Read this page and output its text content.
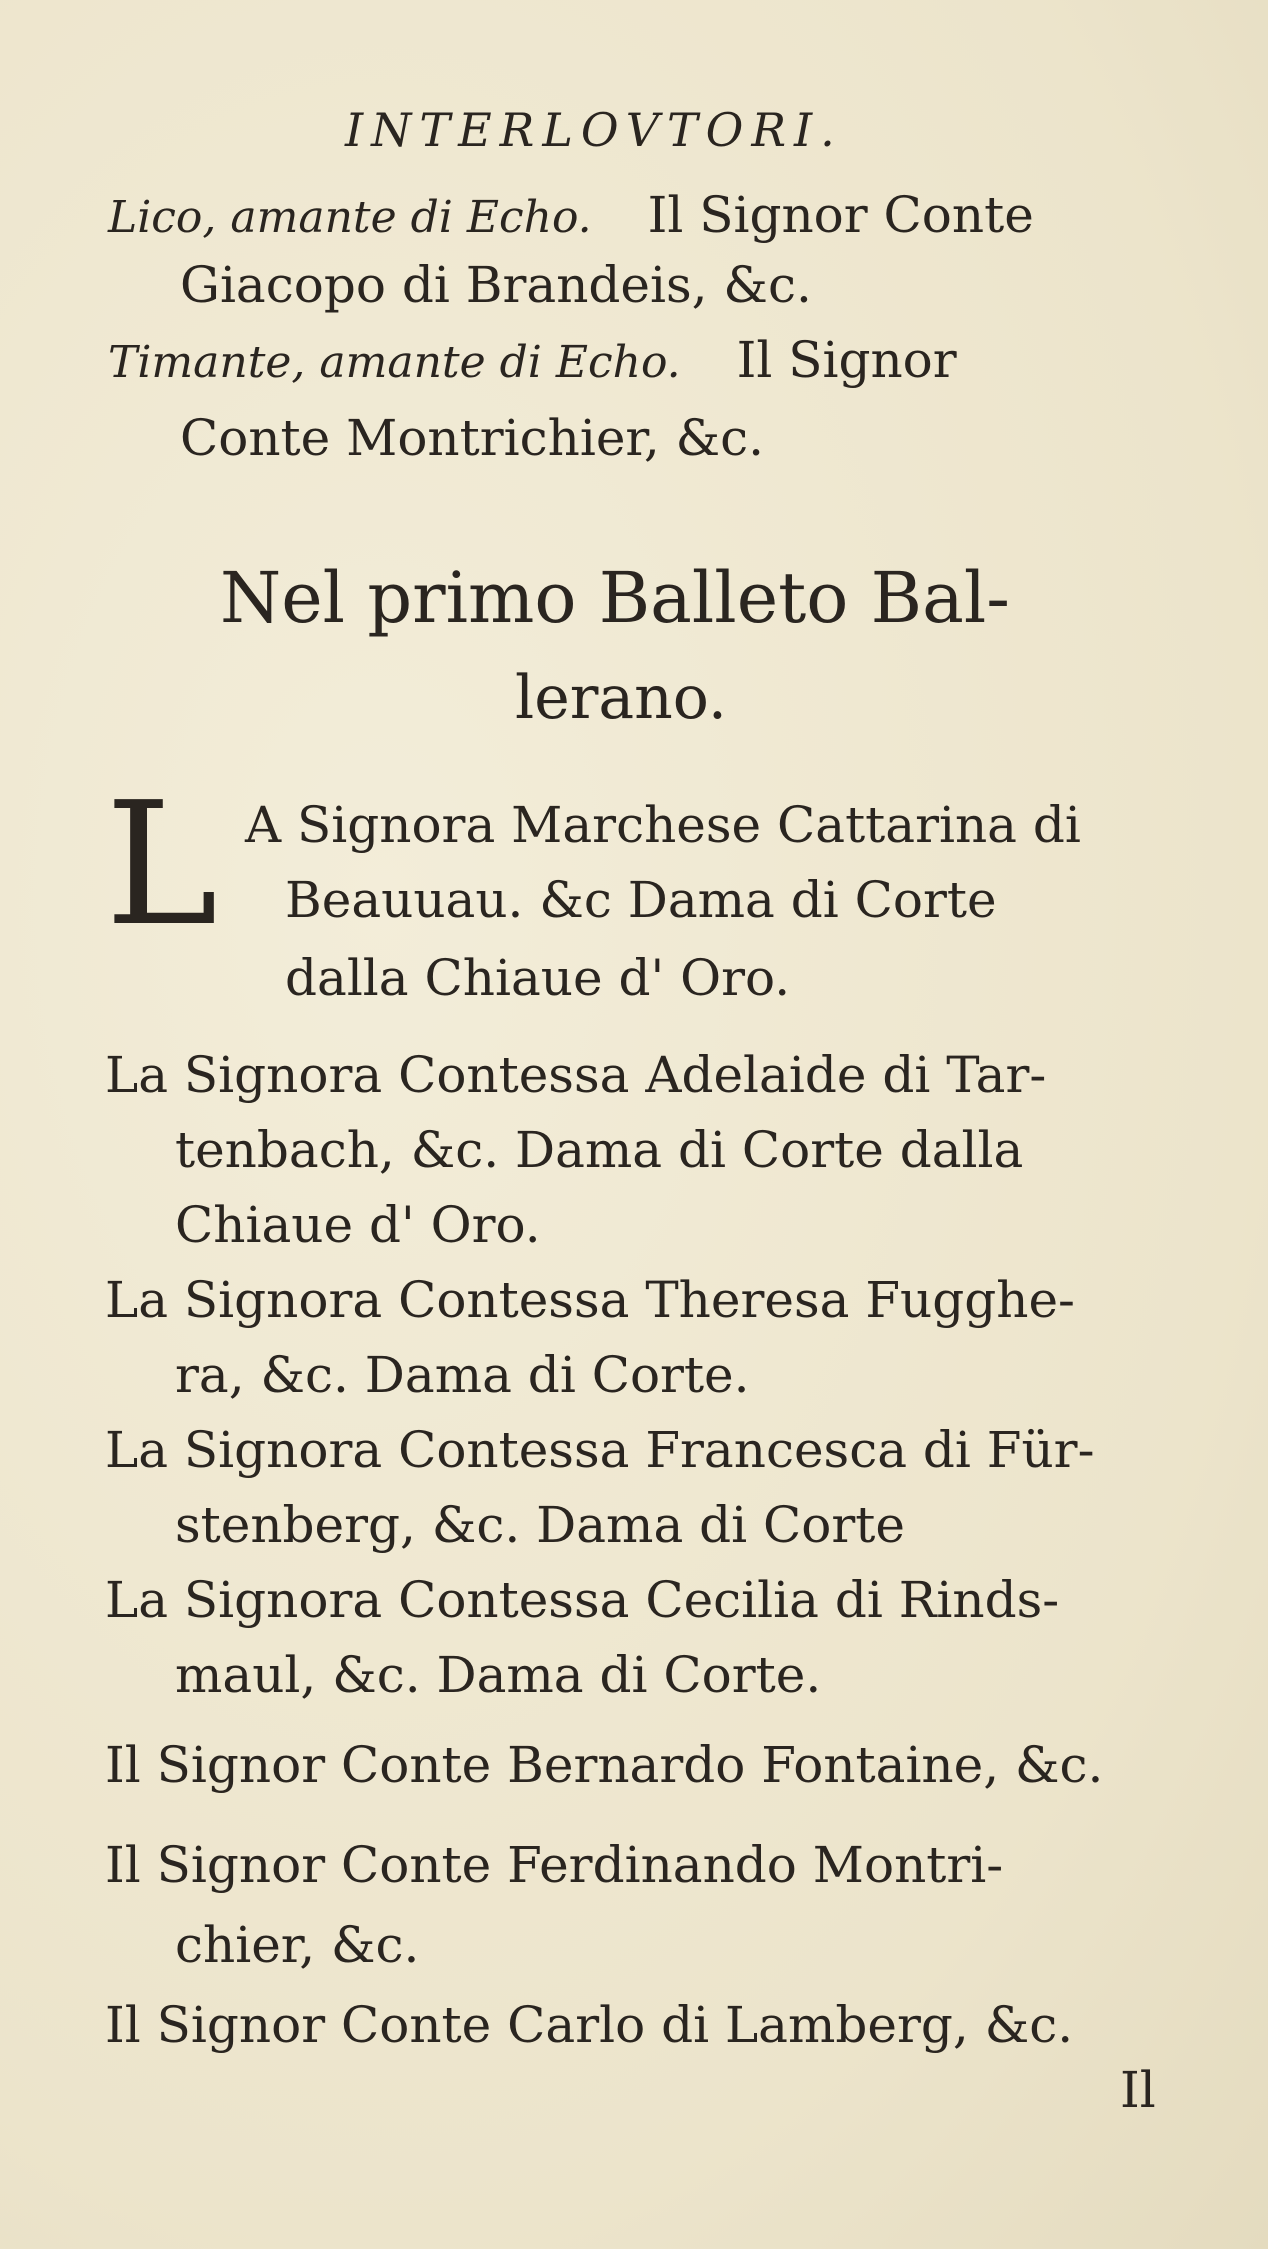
INTERLOVTORI.
Lico, amante di Echo. Il Signor Conte
Giacopo di Brandeis, &c.
Timante, amante di Echo. Il Signor
Conte Montrichier, &c.
Nel primo Balleto Bal-
lerano.
L A Signora Marchese Cattarina di
Beauuau. &c Dama di Corte
dalla Chiaue d' Oro.
La Signora Contessa Adelaide di Tar-
tenbach, &c. Dama di Corte dalla
Chiaue d' Oro.
La Signora Contessa Theresa Fugghe-
ra, &c. Dama di Corte.
La Signora Contessa Francesca di Für-
stenberg, &c. Dama di Corte
La Signora Contessa Cecilia di Rinds-
maul, &c. Dama di Corte.
Il Signor Conte Bernardo Fontaine, &c.
Il Signor Conte Ferdinando Montri-
chier, &c.
Il Signor Conte Carlo di Lamberg, &c.
Il
